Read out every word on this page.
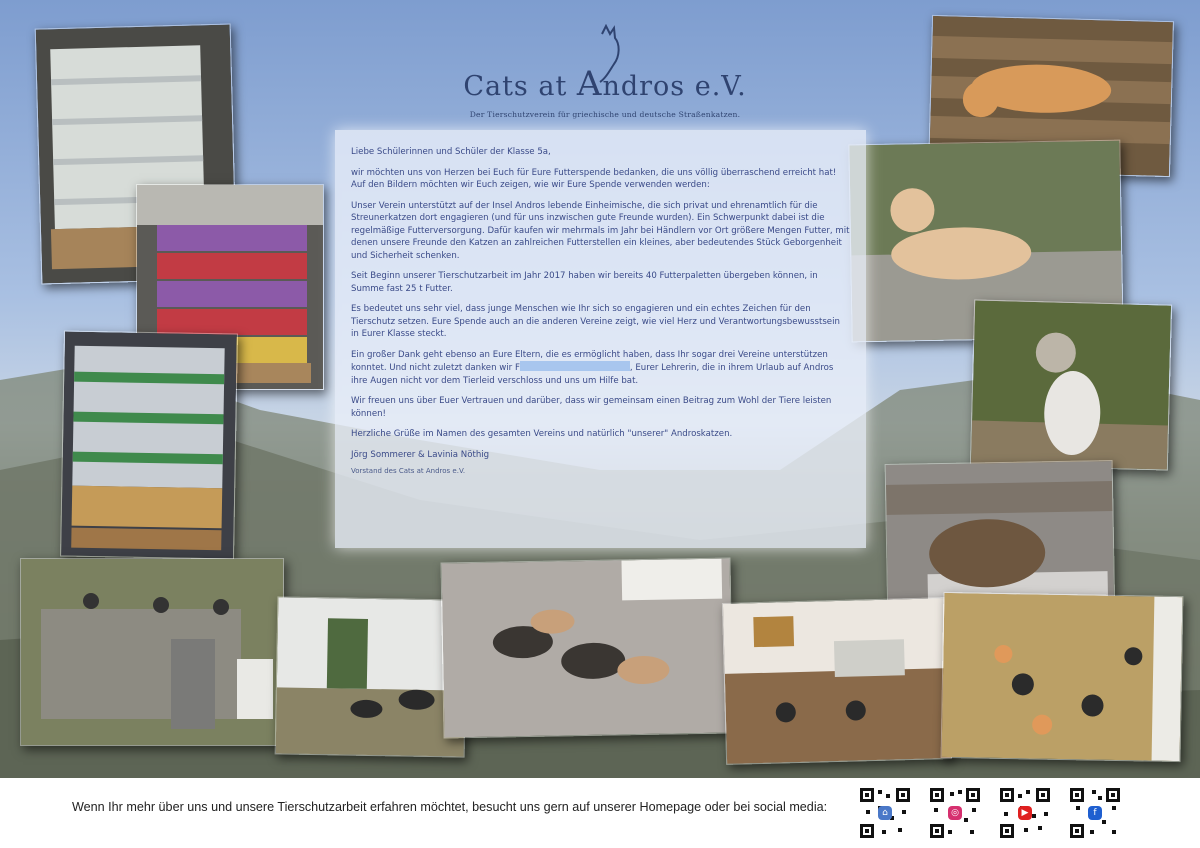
Cats at Andros e.V.
Der Tierschutzverein für griechische und deutsche Straßenkatzen.

Liebe Schülerinnen und Schüler der Klasse 5a,

wir möchten uns von Herzen bei Euch für Eure Futterspende bedanken, die uns völlig überraschend erreicht hat! Auf den Bildern möchten wir Euch zeigen, wie wir Eure Spende verwenden werden:

Unser Verein unterstützt auf der Insel Andros lebende Einheimische, die sich privat und ehrenamtlich für die Streunerkatzen dort engagieren (und für uns inzwischen gute Freunde wurden). Ein Schwerpunkt dabei ist die regelmäßige Futterversorgung. Dafür kaufen wir mehrmals im Jahr bei Händlern vor Ort größere Mengen Futter, mit denen unsere Freunde den Katzen an zahlreichen Futterstellen ein kleines, aber bedeutendes Stück Geborgenheit und Sicherheit schenken.

Seit Beginn unserer Tierschutzarbeit im Jahr 2017 haben wir bereits 40 Futterpaletten übergeben können, in Summe fast 25 t Futter.

Es bedeutet uns sehr viel, dass junge Menschen wie Ihr sich so engagieren und ein echtes Zeichen für den Tierschutz setzen. Eure Spende auch an die anderen Vereine zeigt, wie viel Herz und Verantwortungsbewusstsein in Eurer Klasse steckt.

Ein großer Dank geht ebenso an Eure Eltern, die es ermöglicht haben, dass Ihr sogar drei Vereine unterstützen konntet. Und nicht zuletzt danken wir F	, Eurer Lehrerin, die in ihrem Urlaub auf Andros ihre Augen nicht vor dem Tierleid verschloss und uns um Hilfe bat.

Wir freuen uns über Euer Vertrauen und darüber, dass wir gemeinsam einen Beitrag zum Wohl der Tiere leisten können!

Herzliche Grüße im Namen des gesamten Vereins und natürlich "unserer" Androskatzen.

Jörg Sommerer & Lavinia Nöthig
Vorstand des Cats at Andros e.V.
Wenn Ihr mehr über uns und unsere Tierschutzarbeit erfahren möchtet, besucht uns gern auf unserer Homepage oder bei social media:	⌂	◎	▶	f
